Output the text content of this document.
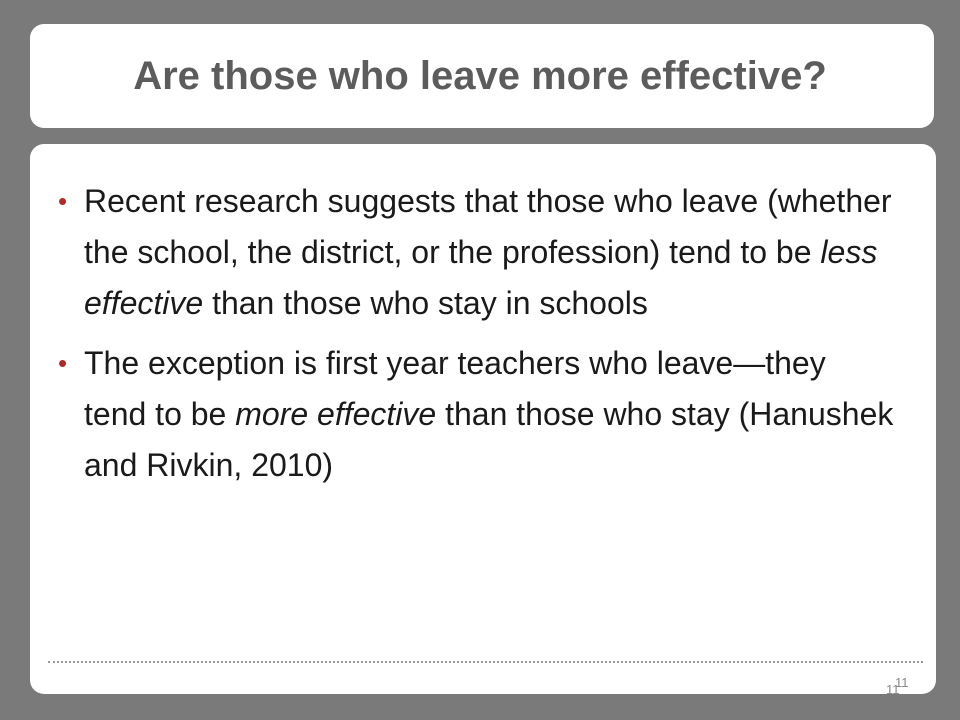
Are those who leave more effective?
• Recent research suggests that those who leave (whether the school, the district, or the profession) tend to be less effective than those who stay in schools
• The exception is first year teachers who leave—they tend to be more effective than those who stay (Hanushek and Rivkin, 2010)
11
11
